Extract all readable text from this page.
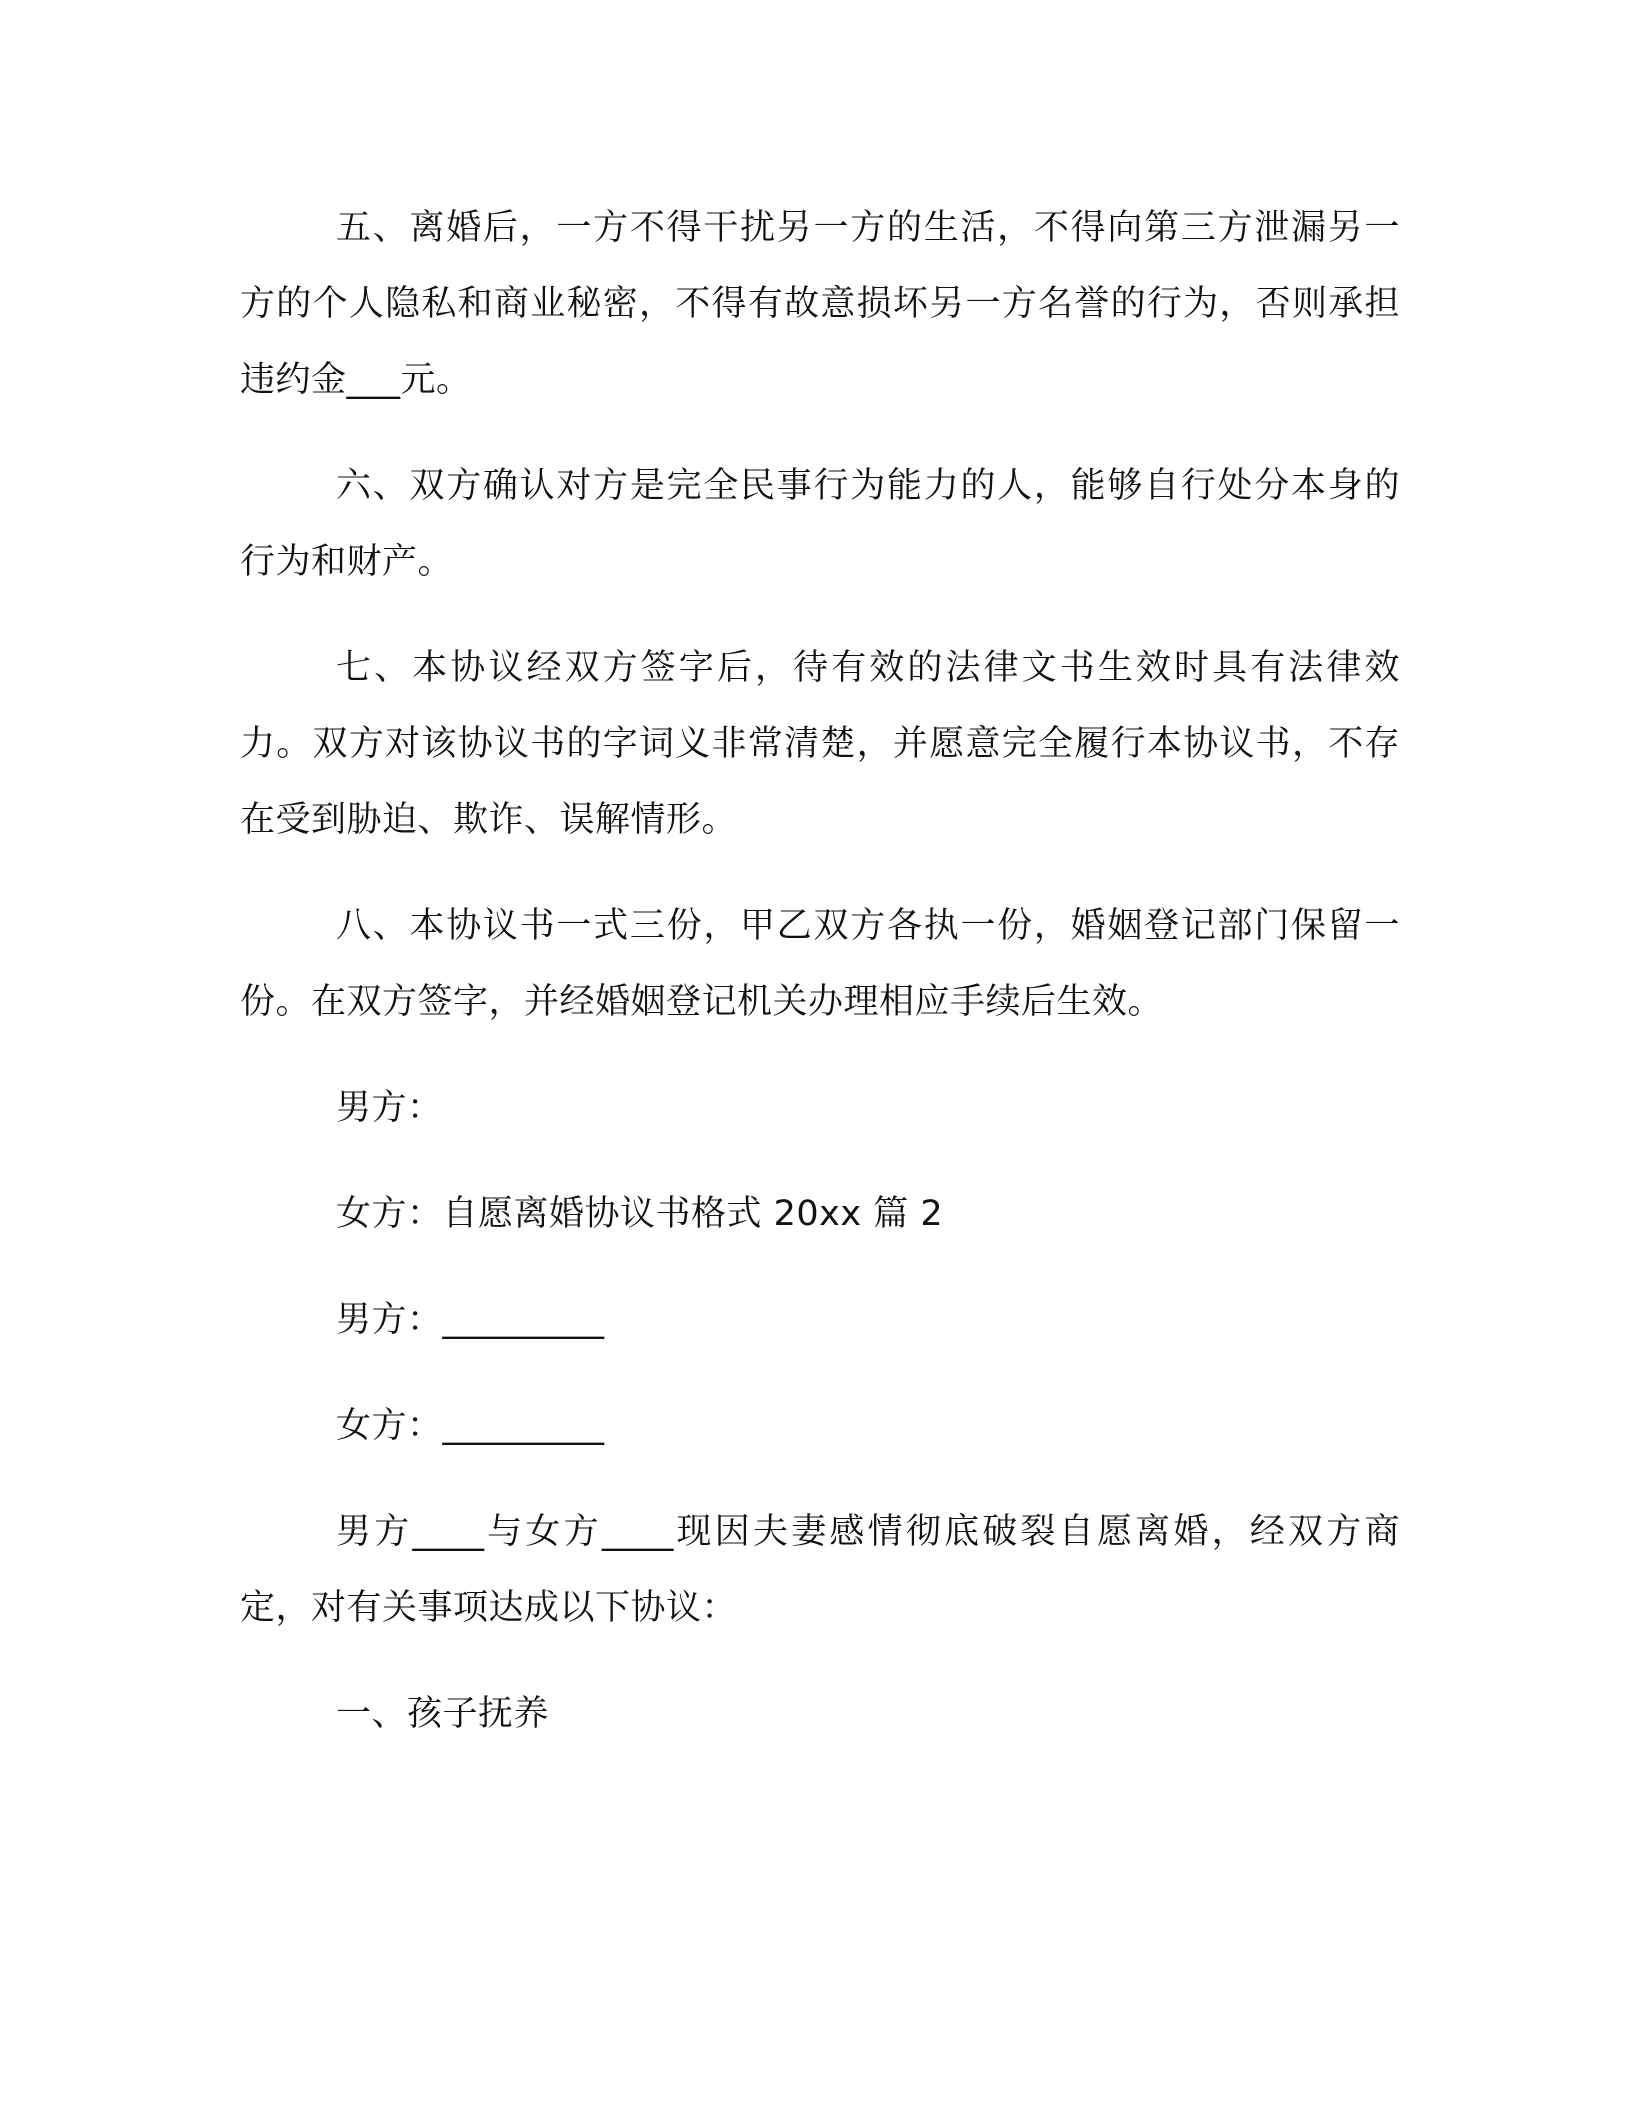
五、离婚后，一方不得干扰另一方的生活，不得向第三方泄漏另一方的个人隐私和商业秘密，不得有故意损坏另一方名誉的行为，否则承担违约金___元。

六、双方确认对方是完全民事行为能力的人，能够自行处分本身的行为和财产。

七、本协议经双方签字后，待有效的法律文书生效时具有法律效力。双方对该协议书的字词义非常清楚，并愿意完全履行本协议书，不存在受到胁迫、欺诈、误解情形。

八、本协议书一式三份，甲乙双方各执一份，婚姻登记部门保留一份。在双方签字，并经婚姻登记机关办理相应手续后生效。

男方：

女方：自愿离婚协议书格式 20xx 篇 2

男方：_________

女方：_________

男方____与女方____现因夫妻感情彻底破裂自愿离婚，经双方商定，对有关事项达成以下协议：

一、孩子抚养
